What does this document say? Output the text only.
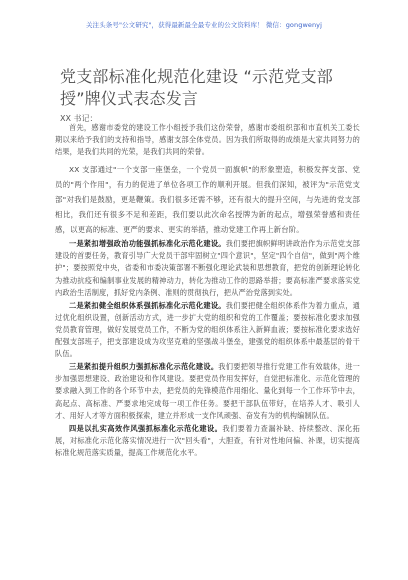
关注头条号"公文研究"，获得最新最全最专业的公文资料库！ 微信：gongwenyj
党支部标准化规范化建设 “示范党支部授”牌仪式表态发言
XX 书记：

首先，感谢市委党的建设工作小组授予我们这份荣誉，感谢市委组织部和市直机关工委长期以来给予我们的支持和指导，感谢支部全体党员。因为我们所取得的成绩是大家共同努力的结果，是我们共同的光荣，是我们共同的荣誉。

XX 支部通过"一个支部一座堡垒，一个党员一面旗帜"的形象塑造，积极发挥支部、党员的"两个作用"，有力的促进了单位各项工作的顺利开展。但我们深知，被评为"示范党支部"对我们是鼓励，更是鞭策。我们很多还需不够，还有很大的提升空间，与先进的党支部相比，我们还有很多不足和差距，我们要以此次命名授牌为新的起点，增强荣誉感和责任感，以更高的标准、更严的要求、更实的举措，推动党建工作再上新台阶。

一是紧扣增强政治功能强抓标准化示范化建设。我们要把旗帜鲜明讲政治作为示范党支部建设的首要任务，教育引导广大党员干部牢固树立"四个意识"，坚定"四个自信"，做到"两个维护"；要按照党中央，省委和市委决策部署不断强化理论武装和思想教育，把党的创新理论转化为推动抗疫和编制事业发展的精神动力，转化为推动工作的思路举措；要高标准严要求落实党内政治生活制度，抓好党内条例、准则的贯彻执行，把从严治党落到实处。

二是紧扣健全组织体系强抓标准化示范化建设。我们要把健全组织体系作为着力重点，通过优化组织设置，创新活动方式，进一步扩大党的组织和党的工作覆盖；要按标准化要求加强党员教育管理，做好发展党员工作，不断为党的组织体系注入新鲜血液；要按标准化要求选好配强支部班子，把支部建设成为攻坚克难的坚强战斗堡垒，建强党的组织体系中最基层的骨干队伍。

三是紧扣提升组织力强抓标准化示范化建设。我们要把领导推行党建工作有效载体，进一步加强思想建设、政治建设和作风建设。要把党员作用发挥好，自觉把标准化、示范化管理的要求融入到工作的各个环节中去，把党员的先锋模范作用细化、量化到每一个工作环节中去，高起点、高标准、严要求地完成每一项工作任务。要把干部队伍带好，在培养人才、吸引人才、用好人才等方面积极探索，建立并形成一支作风顽强、奋发有为的机构编制队伍。

四是以扎实高效作风强抓标准化示范化建设。我们要着力查漏补缺、持续整改、深化拓展，对标准化示范化落实情况进行一次"回头看"，大胆查，有针对性地问偏、补课，切实提高标准化规范落实质量，提高工作规范化水平。
